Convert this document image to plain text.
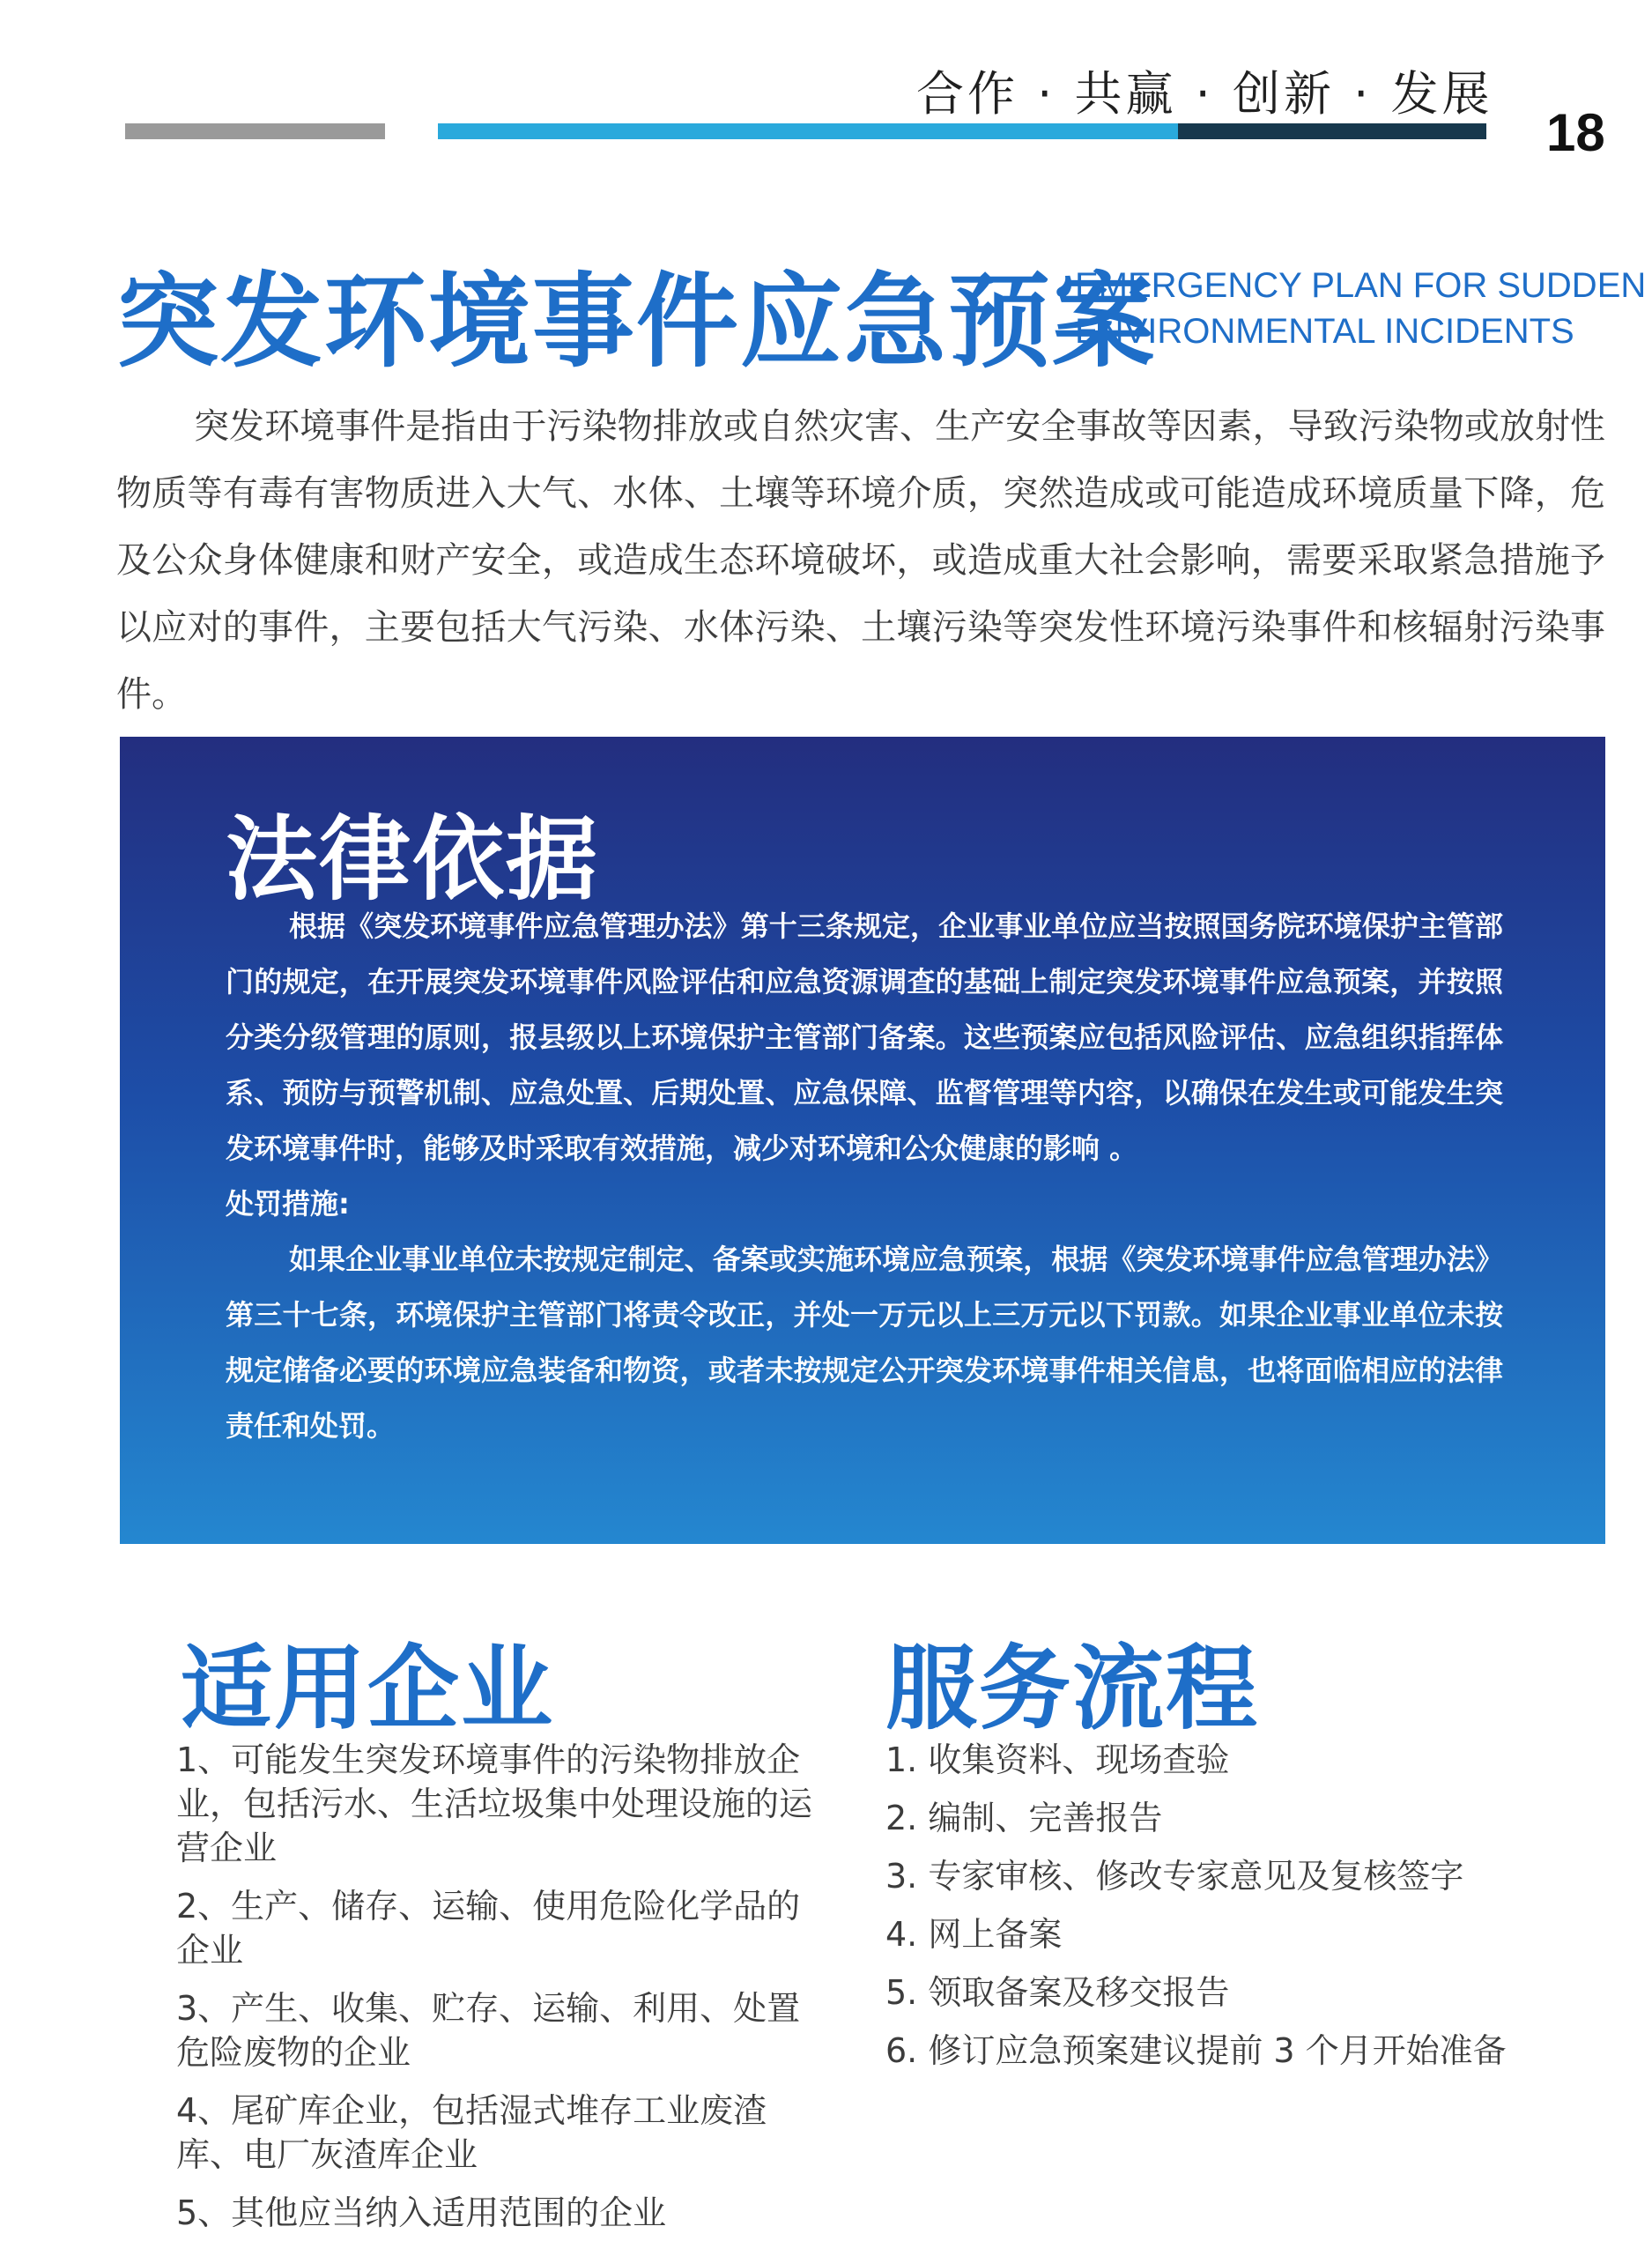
合作 · 共赢 · 创新 · 发展
18
突发环境事件应急预案
EMERGENCY PLAN FOR SUDDEN
ENVIRONMENTAL INCIDENTS

突发环境事件是指由于污染物排放或自然灾害、生产安全事故等因素，导致污染物或放射性物质等有毒有害物质进入大气、水体、土壤等环境介质，突然造成或可能造成环境质量下降，危及公众身体健康和财产安全，或造成生态环境破坏，或造成重大社会影响，需要采取紧急措施予以应对的事件，主要包括大气污染、水体污染、土壤污染等突发性环境污染事件和核辐射污染事件。

法律依据

根据《突发环境事件应急管理办法》第十三条规定，企业事业单位应当按照国务院环境保护主管部门的规定，在开展突发环境事件风险评估和应急资源调查的基础上制定突发环境事件应急预案，并按照分类分级管理的原则，报县级以上环境保护主管部门备案。这些预案应包括风险评估、应急组织指挥体系、预防与预警机制、应急处置、后期处置、应急保障、监督管理等内容，以确保在发生或可能发生突发环境事件时，能够及时采取有效措施，减少对环境和公众健康的影响 。

处罚措施:

如果企业事业单位未按规定制定、备案或实施环境应急预案，根据《突发环境事件应急管理办法》第三十七条，环境保护主管部门将责令改正，并处一万元以上三万元以下罚款。如果企业事业单位未按规定储备必要的环境应急装备和物资，或者未按规定公开突发环境事件相关信息，也将面临相应的法律责任和处罚。

适用企业
1、可能发生突发环境事件的污染物排放企业，包括污水、生活垃圾集中处理设施的运营企业
2、生产、储存、运输、使用危险化学品的企业
3、产生、收集、贮存、运输、利用、处置危险废物的企业
4、尾矿库企业，包括湿式堆存工业废渣库、电厂灰渣库企业
5、其他应当纳入适用范围的企业
服务流程
1. 收集资料、现场查验
2. 编制、完善报告
3. 专家审核、修改专家意见及复核签字
4. 网上备案
5. 领取备案及移交报告
6. 修订应急预案建议提前 3 个月开始准备
